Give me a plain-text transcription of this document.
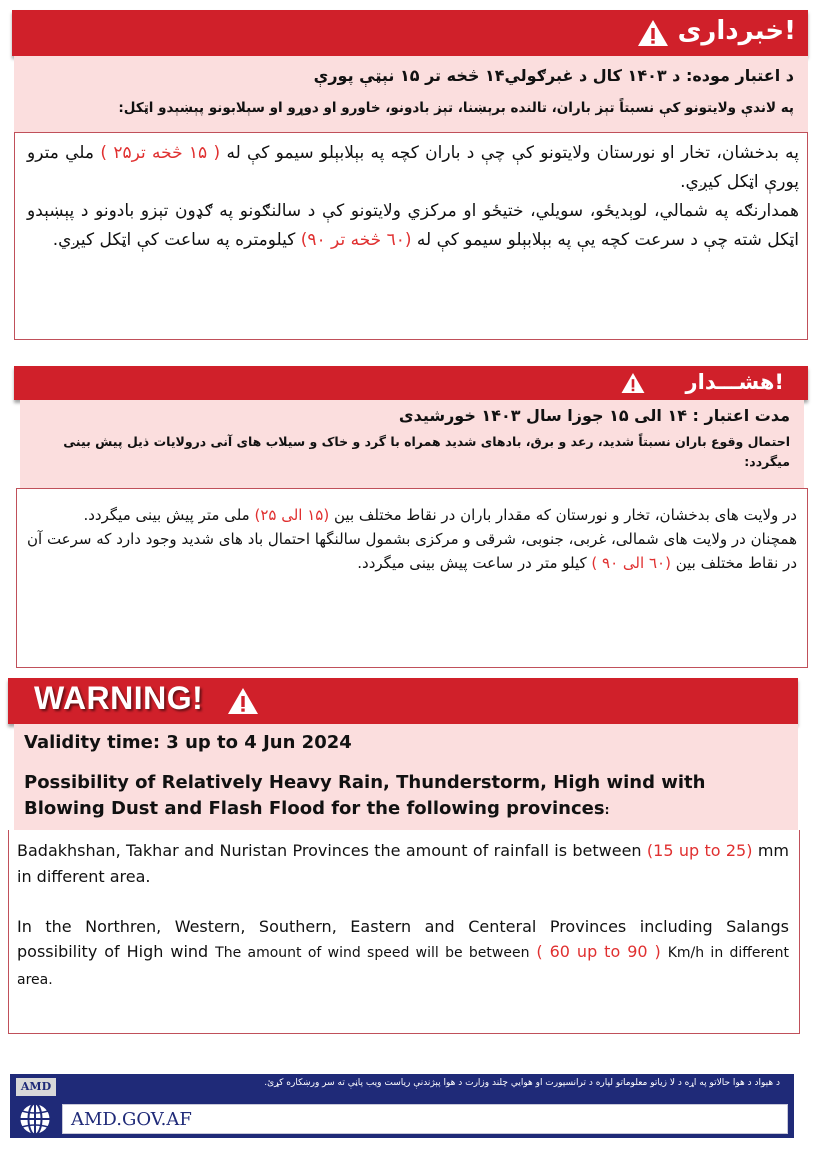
خبرداری!
د اعتبار موده: د ۱۴۰۳ کال د غبرګولي۱۴ څخه تر ۱۵ نېټې پورې
په لاندې ولایتونو کې نسبتاً تېز باران، تالنده برېښنا، تېز بادونو، خاورو او دوړو او سېلابونو پېښېدو اټکل:
په بدخشان، تخار او نورستان ولایتونو کې چې د باران کچه په بېلابېلو سیمو کې له ( ۱۵ څخه تر۲۵ ) ملي مترو پورې اټکل کیږي.
همدارنګه په شمالي، لوېدیځو، سویلي، ختیځو او مرکزي ولایتونو کې د سالنګونو په ګډون تېزو بادونو د پېښېدو اټکل شته چې د سرعت کچه یې په بېلابېلو سیمو کې له (٦۰ څخه تر ۹۰) کیلومتره په ساعت کې اټکل کیږي.
هشـــدار!
مدت اعتبار : ۱۴ الی ۱۵ جوزا سال ۱۴۰۳ خورشیدی
احتمال وقوع باران نسبتاً شدید، رعد و برق، بادهای شدید همراه با گرد و خاک و سیلاب های آنی درولایات ذیل پیش بینی میگردد:
در ولایت های بدخشان، تخار و نورستان که مقدار باران در نقاط مختلف بین (۱۵ الی ۲۵) ملی متر پیش بینی میگردد.
همچنان در ولایت های شمالی، غربی، جنوبی، شرقی و مرکزی بشمول سالنگها احتمال باد های شدید وجود دارد که سرعت آن در نقاط مختلف بین (٦۰ الی ۹۰ ) کیلو متر در ساعت پیش بینی میگردد.
WARNING!
Validity time: 3 up to 4 Jun 2024
Possibility of Relatively Heavy Rain, Thunderstorm, High wind with Blowing Dust and Flash Flood for the following provinces:
Badakhshan, Takhar and Nuristan Provinces the amount of rainfall is between (15 up to 25) mm in different area.
In the Northren, Western, Southern, Eastern and Centeral Provinces including Salangs possibility of High wind The amount of wind speed will be between ( 60 up to 90 ) Km/h in different area.
AMD	د هېواد د هوا حالاتو په اړه د لا زیاتو معلوماتو لپاره د ترانسپورت او هوايي چلند وزارت د هوا پېژندنې ریاست ویب پاڼې ته سر ورښکاره کړئ.
AMD.GOV.AF
